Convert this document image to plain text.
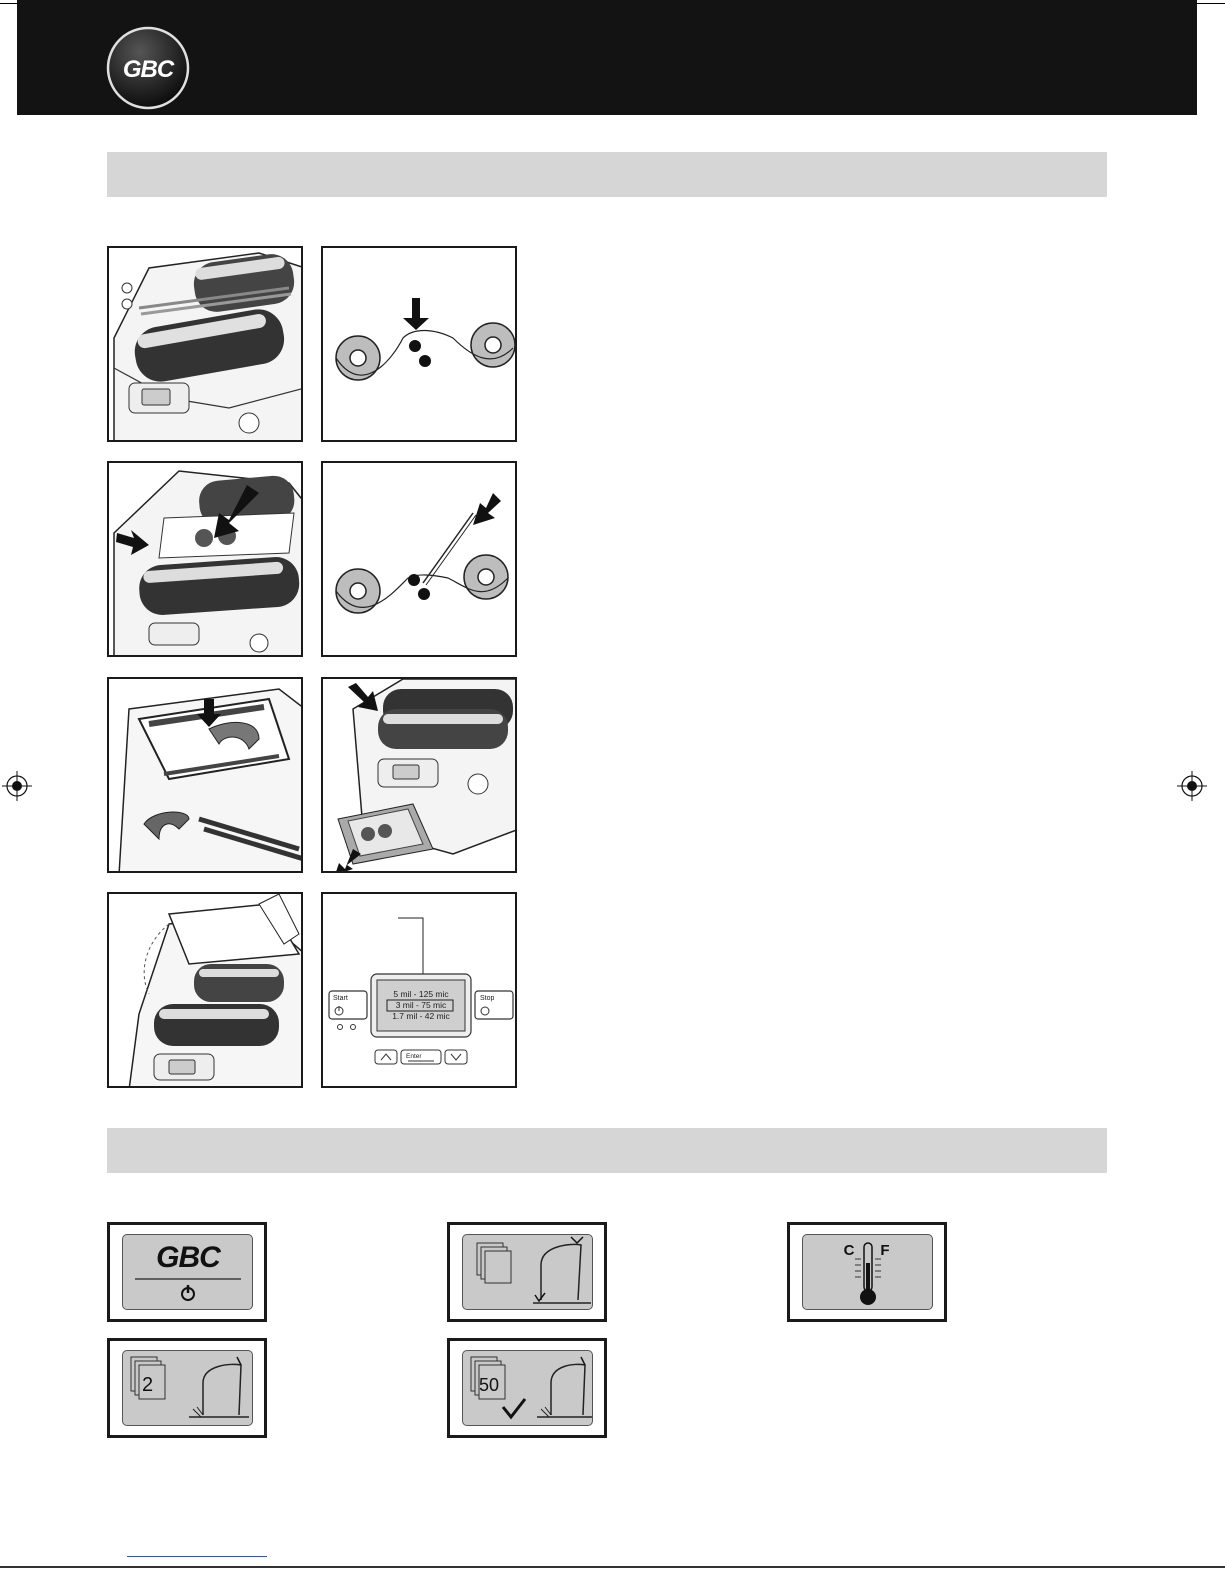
GBC
Start	Stop
Enter
5 mil - 125 mic
3 mil - 75 mic
1.7 mil - 42 mic
GBC	C F
2	50
